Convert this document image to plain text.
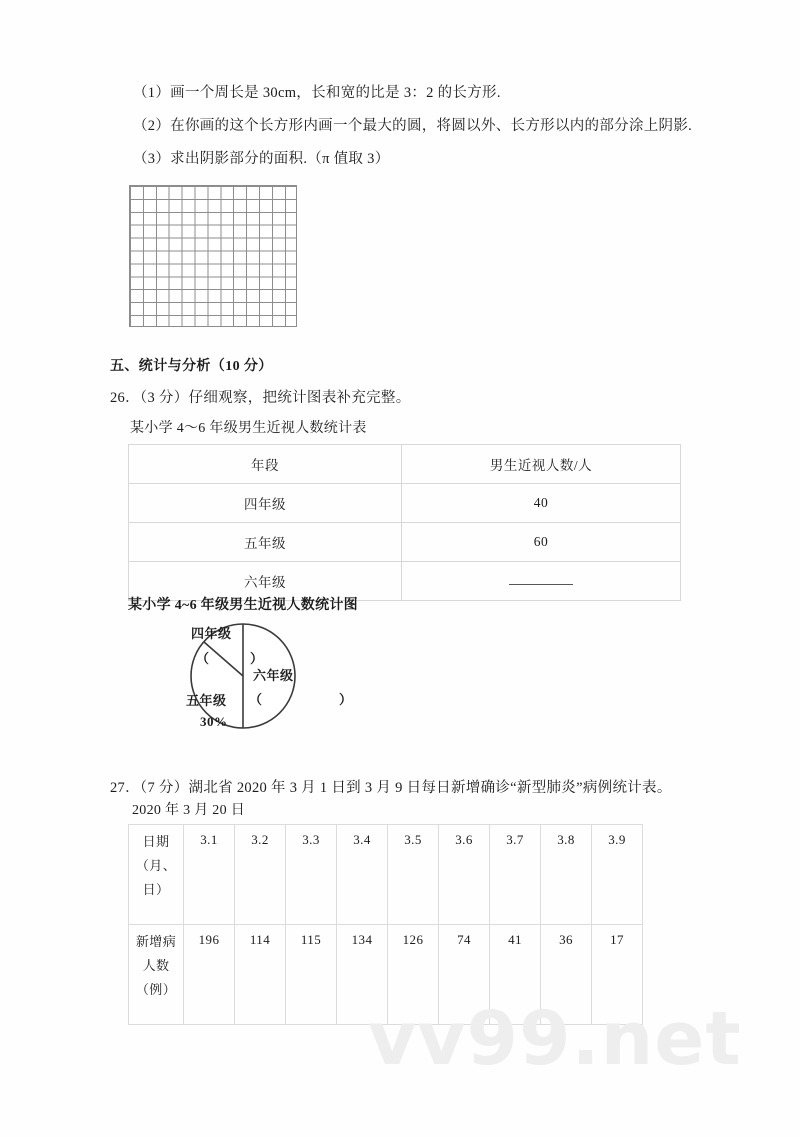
vv99.net
（1）画一个周长是 30cm，长和宽的比是 3：2 的长方形.
（2）在你画的这个长方形内画一个最大的圆，将圆以外、长方形以内的部分涂上阴影.
（3）求出阴影部分的面积.（π 值取 3）
五、统计与分析（10 分）
26．（3 分）仔细观察，把统计图表补充完整。
某小学 4～6 年级男生近视人数统计表
年段	男生近视人数/人
四年级	40
五年级	60
六年级	
某小学 4~6 年级男生近视人数统计图
四年级
（　）
六年级
（　）
五年级
30%
27．（7 分）湖北省 2020 年 3 月 1 日到 3 月 9 日每日新增确诊“新型肺炎”病例统计表。
2020 年 3 月 20 日
日期（月、日）	3.1	3.2	3.3	3.4	3.5	3.6	3.7	3.8	3.9
新增病人数（例）	196	114	115	134	126	74	41	36	17
